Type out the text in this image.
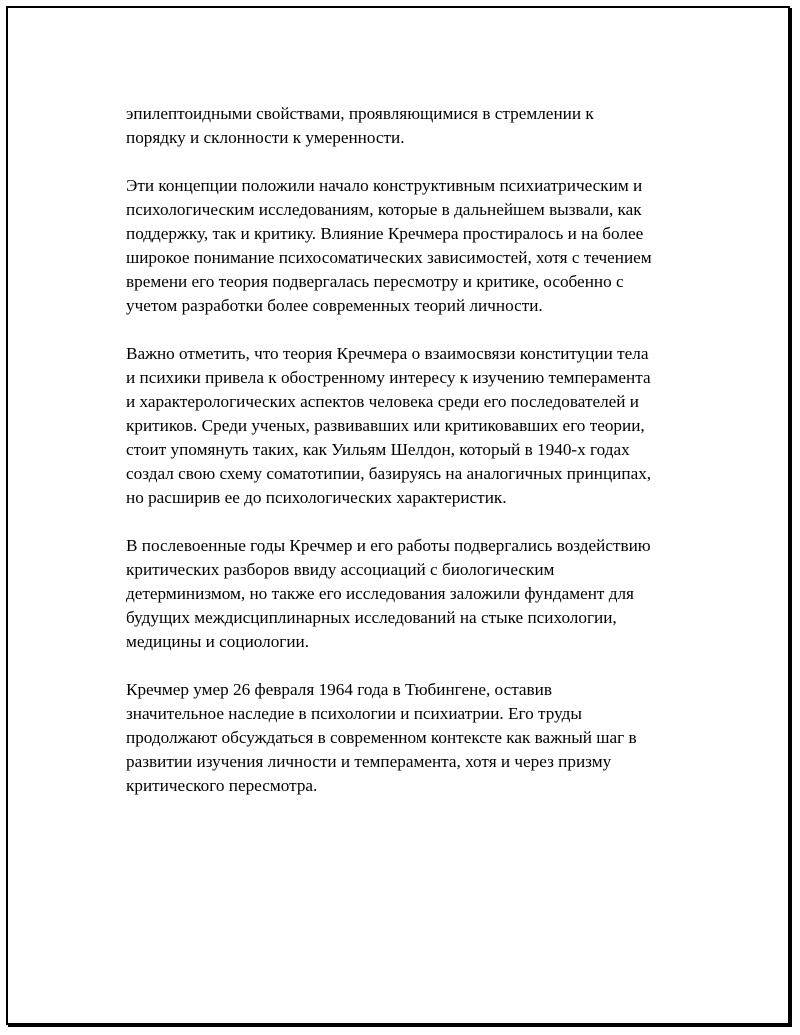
эпилептоидными свойствами, проявляющимися в стремлении к
порядку и склонности к умеренности.

Эти концепции положили начало конструктивным психиатрическим и
психологическим исследованиям, которые в дальнейшем вызвали, как
поддержку, так и критику. Влияние Кречмера простиралось и на более
широкое понимание психосоматических зависимостей, хотя с течением
времени его теория подвергалась пересмотру и критике, особенно с
учетом разработки более современных теорий личности.

Важно отметить, что теория Кречмера о взаимосвязи конституции тела
и психики привела к обостренному интересу к изучению темперамента
и характерологических аспектов человека среди его последователей и
критиков. Среди ученых, развивавших или критиковавших его теории,
стоит упомянуть таких, как Уильям Шелдон, который в 1940-х годах
создал свою схему соматотипии, базируясь на аналогичных принципах,
но расширив ее до психологических характеристик.

В послевоенные годы Кречмер и его работы подвергались воздействию
критических разборов ввиду ассоциаций с биологическим
детерминизмом, но также его исследования заложили фундамент для
будущих междисциплинарных исследований на стыке психологии,
медицины и социологии.

Кречмер умер 26 февраля 1964 года в Тюбингене, оставив
значительное наследие в психологии и психиатрии. Его труды
продолжают обсуждаться в современном контексте как важный шаг в
развитии изучения личности и темперамента, хотя и через призму
критического пересмотра.
